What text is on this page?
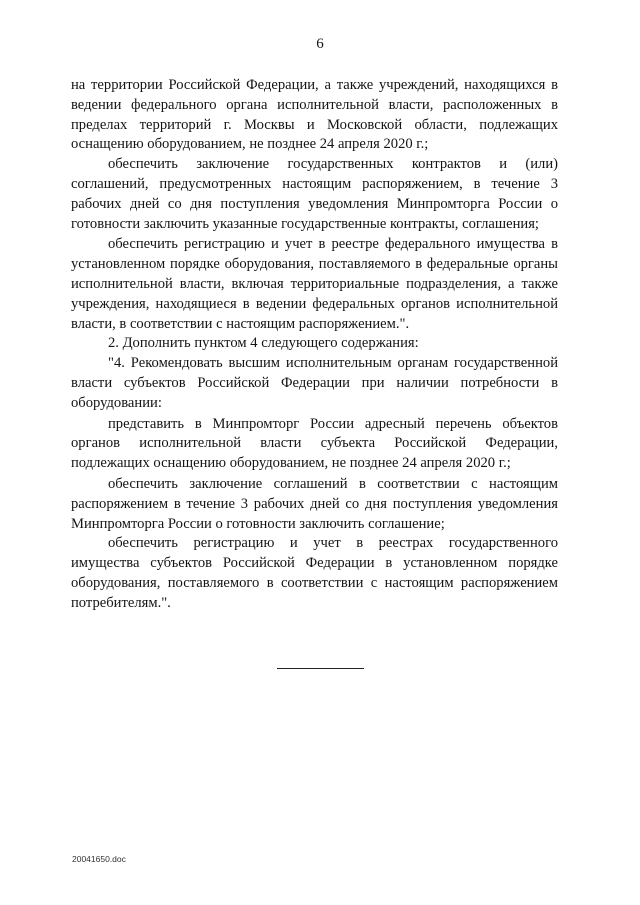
6

на территории Российской Федерации, а также учреждений, находящихся в ведении федерального органа исполнительной власти, расположенных в пределах территорий г. Москвы и Московской области, подлежащих оснащению оборудованием, не позднее 24 апреля 2020 г.;

обеспечить заключение государственных контрактов и (или) соглашений, предусмотренных настоящим распоряжением, в течение 3 рабочих дней со дня поступления уведомления Минпромторга России о готовности заключить указанные государственные контракты, соглашения;

обеспечить регистрацию и учет в реестре федерального имущества в установленном порядке оборудования, поставляемого в федеральные органы исполнительной власти, включая территориальные подразделения, а также учреждения, находящиеся в ведении федеральных органов исполнительной власти, в соответствии с настоящим распоряжением.".

2. Дополнить пунктом 4 следующего содержания:

"4. Рекомендовать высшим исполнительным органам государственной власти субъектов Российской Федерации при наличии потребности в оборудовании:

представить в Минпромторг России адресный перечень объектов органов исполнительной власти субъекта Российской Федерации, подлежащих оснащению оборудованием, не позднее 24 апреля 2020 г.;

обеспечить заключение соглашений в соответствии с настоящим распоряжением в течение 3 рабочих дней со дня поступления уведомления Минпромторга России о готовности заключить соглашение;

обеспечить регистрацию и учет в реестрах государственного имущества субъектов Российской Федерации в установленном порядке оборудования, поставляемого в соответствии с настоящим распоряжением потребителям.".

20041650.doc
